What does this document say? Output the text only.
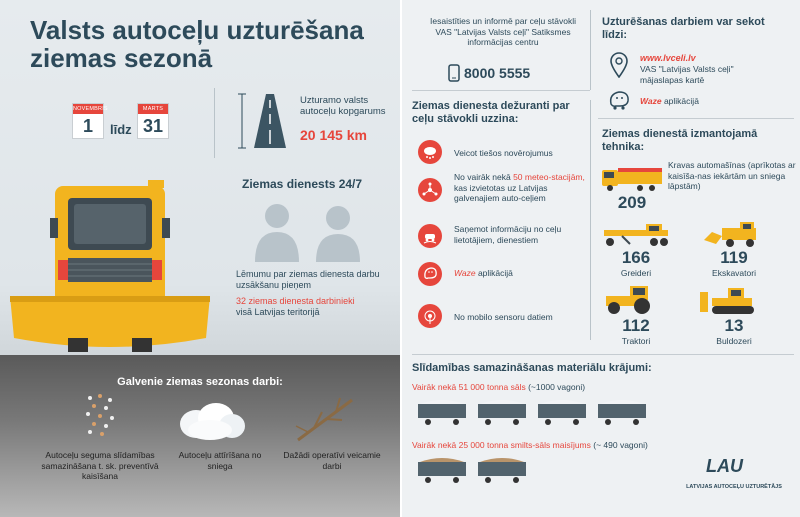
Valsts autoceļu uzturēšana ziemas sezonā
NOVEMBRIS
1	līdz
MARTS
31
Uzturamo valsts autoceļu kopgarums
20 145 km
Ziemas dienests 24/7
Lēmumu par ziemas dienesta darbu uzsākšanu pieņem
32 ziemas dienesta darbinieki
visā Latvijas teritorijā
Galvenie ziemas sezonas darbi:
Autoceļu seguma slīdamības samazināšana t. sk. preventīvā kaisīšana
Autoceļu attīrīšana no sniega
Dažādi operatīvi veicamie darbi
Iesaistīties un informē par ceļu stāvokli VAS "Latvijas Valsts ceļi" Satiksmes informācijas centru
8000 5555
Uzturēšanas darbiem var sekot līdzi:
www.lvceli.lv
VAS "Latvijas Valsts ceļi" mājaslapas kartē
Waze aplikācijā
Ziemas dienesta dežuranti par ceļu stāvokli uzzina:
Veicot tiešos novērojumus
No vairāk nekā 50 meteo-stacijām, kas izvietotas uz Latvijas galvenajiem auto-ceļiem
Saņemot informāciju no ceļu lietotājiem, dienestiem
Waze aplikācijā
No mobilo sensoru datiem
Ziemas dienestā izmantojamā tehnika:
209
Kravas automašīnas (aprīkotas ar kaisīša-nas iekārtām un sniega lāpstām)
166
Greideri
119
Ekskavatori
112
Traktori
13
Buldozeri
Slīdamības samazināšanas materiālu krājumi:
Vairāk nekā 51 000 tonna sāls (~1000 vagoni)
Vairāk nekā 25 000 tonna smilts-sāls maisījums (~ 490 vagoni)
LAU
LATVIJAS AUTOCEĻU UZTURĒTĀJS
